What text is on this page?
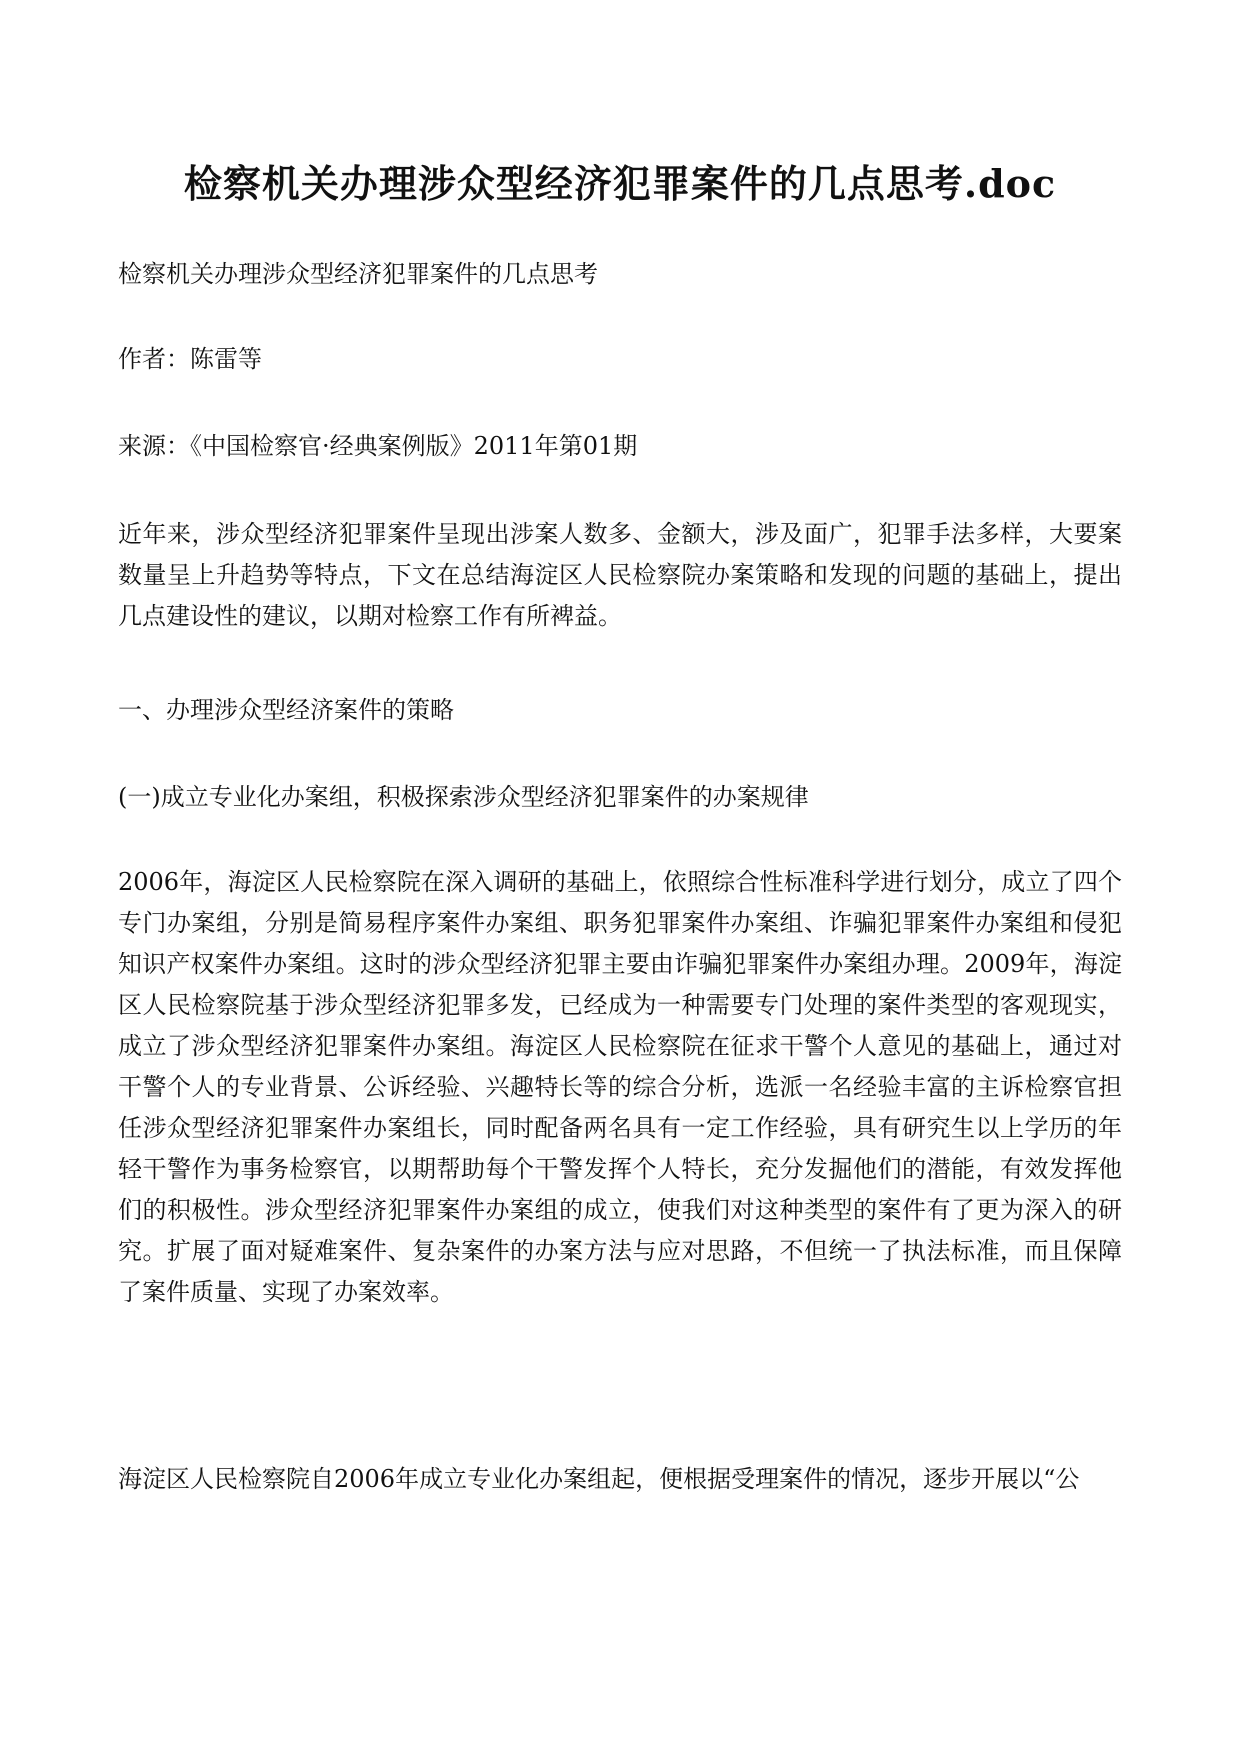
检察机关办理涉众型经济犯罪案件的几点思考.doc
检察机关办理涉众型经济犯罪案件的几点思考
作者：陈雷等
来源：《中国检察官·经典案例版》2011年第01期
近年来，涉众型经济犯罪案件呈现出涉案人数多、金额大，涉及面广，犯罪手法多样，大要案数量呈上升趋势等特点，下文在总结海淀区人民检察院办案策略和发现的问题的基础上，提出几点建设性的建议，以期对检察工作有所裨益。
一、办理涉众型经济案件的策略
(一)成立专业化办案组，积极探索涉众型经济犯罪案件的办案规律
2006年，海淀区人民检察院在深入调研的基础上，依照综合性标准科学进行划分，成立了四个专门办案组，分别是简易程序案件办案组、职务犯罪案件办案组、诈骗犯罪案件办案组和侵犯知识产权案件办案组。这时的涉众型经济犯罪主要由诈骗犯罪案件办案组办理。2009年，海淀区人民检察院基于涉众型经济犯罪多发，已经成为一种需要专门处理的案件类型的客观现实，成立了涉众型经济犯罪案件办案组。海淀区人民检察院在征求干警个人意见的基础上，通过对干警个人的专业背景、公诉经验、兴趣特长等的综合分析，选派一名经验丰富的主诉检察官担任涉众型经济犯罪案件办案组长，同时配备两名具有一定工作经验，具有研究生以上学历的年轻干警作为事务检察官，以期帮助每个干警发挥个人特长，充分发掘他们的潜能，有效发挥他们的积极性。涉众型经济犯罪案件办案组的成立，使我们对这种类型的案件有了更为深入的研究。扩展了面对疑难案件、复杂案件的办案方法与应对思路，不但统一了执法标准，而且保障了案件质量、实现了办案效率。
海淀区人民检察院自2006年成立专业化办案组起，便根据受理案件的情况，逐步开展以“公
